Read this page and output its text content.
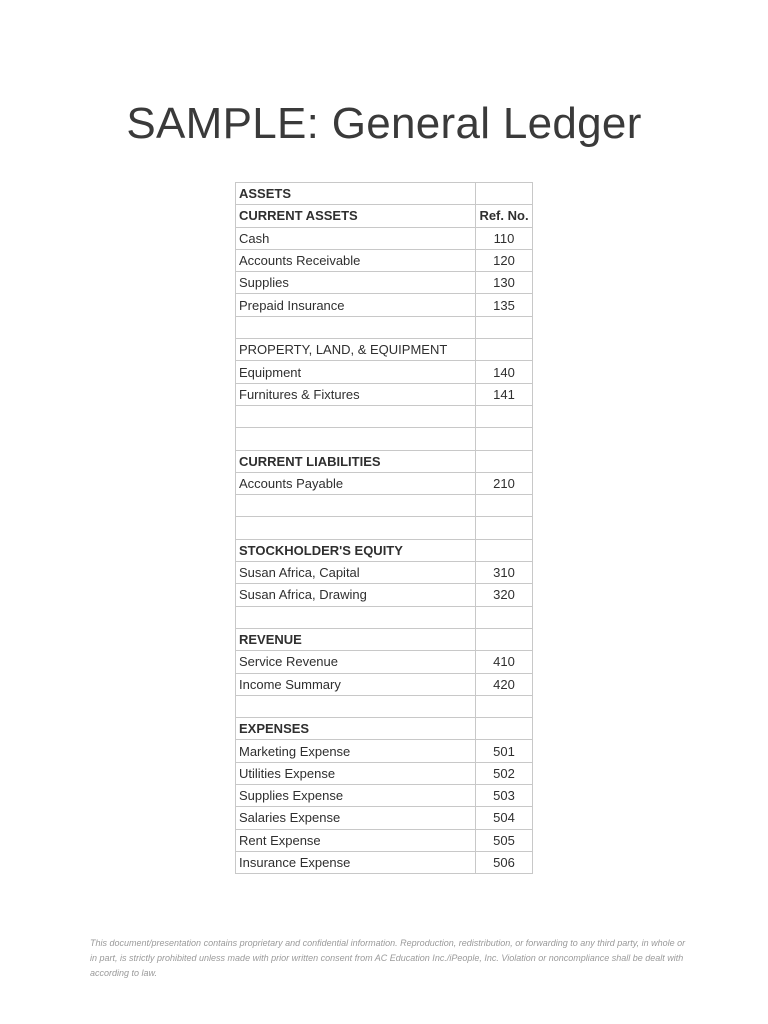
SAMPLE: General Ledger
ASSETS	
CURRENT ASSETS	Ref. No.
Cash	110
Accounts Receivable	120
Supplies	130
Prepaid Insurance	135

PROPERTY, LAND, & EQUIPMENT	
Equipment	140
Furnitures & Fixtures	141

CURRENT LIABILITIES	
Accounts Payable	210

STOCKHOLDER'S EQUITY	
Susan Africa, Capital	310
Susan Africa, Drawing	320

REVENUE	
Service Revenue	410
Income Summary	420

EXPENSES	
Marketing Expense	501
Utilities Expense	502
Supplies Expense	503
Salaries Expense	504
Rent Expense	505
Insurance Expense	506

This document/presentation contains proprietary and confidential information. Reproduction, redistribution, or forwarding to any third party, in whole or in part, is strictly prohibited unless made with prior written consent from AC Education Inc./iPeople, Inc. Violation or noncompliance shall be dealt with according to law.
